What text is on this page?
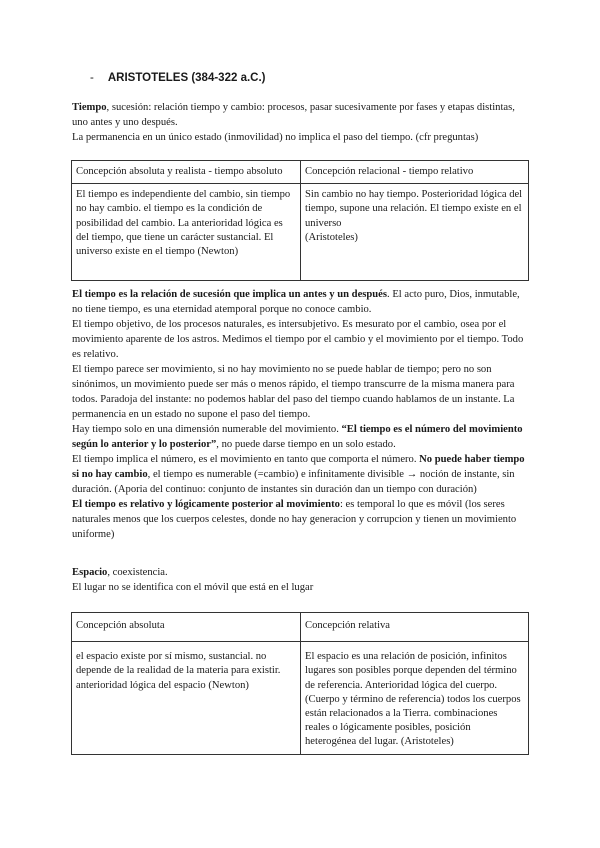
- ARISTOTELES (384-322 a.C.)

Tiempo, sucesión: relación tiempo y cambio: procesos, pasar sucesivamente por fases y etapas distintas, uno antes y uno después.

La permanencia en un único estado (inmovilidad) no implica el paso del tiempo. (cfr preguntas)

Concepción absoluta y realista - tiempo absoluto	Concepción relacional - tiempo relativo
El tiempo es independiente del cambio, sin tiempo no hay cambio. el tiempo es la condición de posibilidad del cambio. La anterioridad lógica es del tiempo, que tiene un carácter sustancial. El universo existe en el tiempo (Newton)	Sin cambio no hay tiempo. Posterioridad lógica del tiempo, supone una relación. El tiempo existe en el universo
(Aristoteles)

El tiempo es la relación de sucesión que implica un antes y un después. El acto puro, Dios, inmutable, no tiene tiempo, es una eternidad atemporal porque no conoce cambio.

El tiempo objetivo, de los procesos naturales, es intersubjetivo. Es mesurato por el cambio, osea por el movimiento aparente de los astros. Medimos el tiempo por el cambio y el movimiento por el tiempo. Todo es relativo.

El tiempo parece ser movimiento, si no hay movimiento no se puede hablar de tiempo; pero no son sinónimos, un movimiento puede ser más o menos rápido, el tiempo transcurre de la misma manera para todos. Paradoja del instante: no podemos hablar del paso del tiempo cuando hablamos de un instante. La permanencia en un estado no supone el paso del tiempo.

Hay tiempo solo en una dimensión numerable del movimiento. “El tiempo es el número del movimiento según lo anterior y lo posterior”, no puede darse tiempo en un solo estado.

El tiempo implica el número, es el movimiento en tanto que comporta el número. No puede haber tiempo si no hay cambio, el tiempo es numerable (=cambio) e infinitamente divisible → noción de instante, sin duración. (Aporia del continuo: conjunto de instantes sin duración dan un tiempo con duración)

El tiempo es relativo y lógicamente posterior al movimiento: es temporal lo que es móvil (los seres naturales menos que los cuerpos celestes, donde no hay generacion y corrupcion y tienen un movimiento uniforme)

Espacio, coexistencia.

El lugar no se identifica con el móvil que está en el lugar

Concepción absoluta	Concepción relativa
el espacio existe por sí mismo, sustancial. no depende de la realidad de la materia para existir. anterioridad lógica del espacio (Newton)	El espacio es una relación de posición, infinitos lugares son posibles porque dependen del término de referencia. Anterioridad lógica del cuerpo. (Cuerpo y término de referencia) todos los cuerpos están relacionados a la Tierra. combinaciones reales o lógicamente posibles, posición heterogénea del lugar. (Aristoteles)
